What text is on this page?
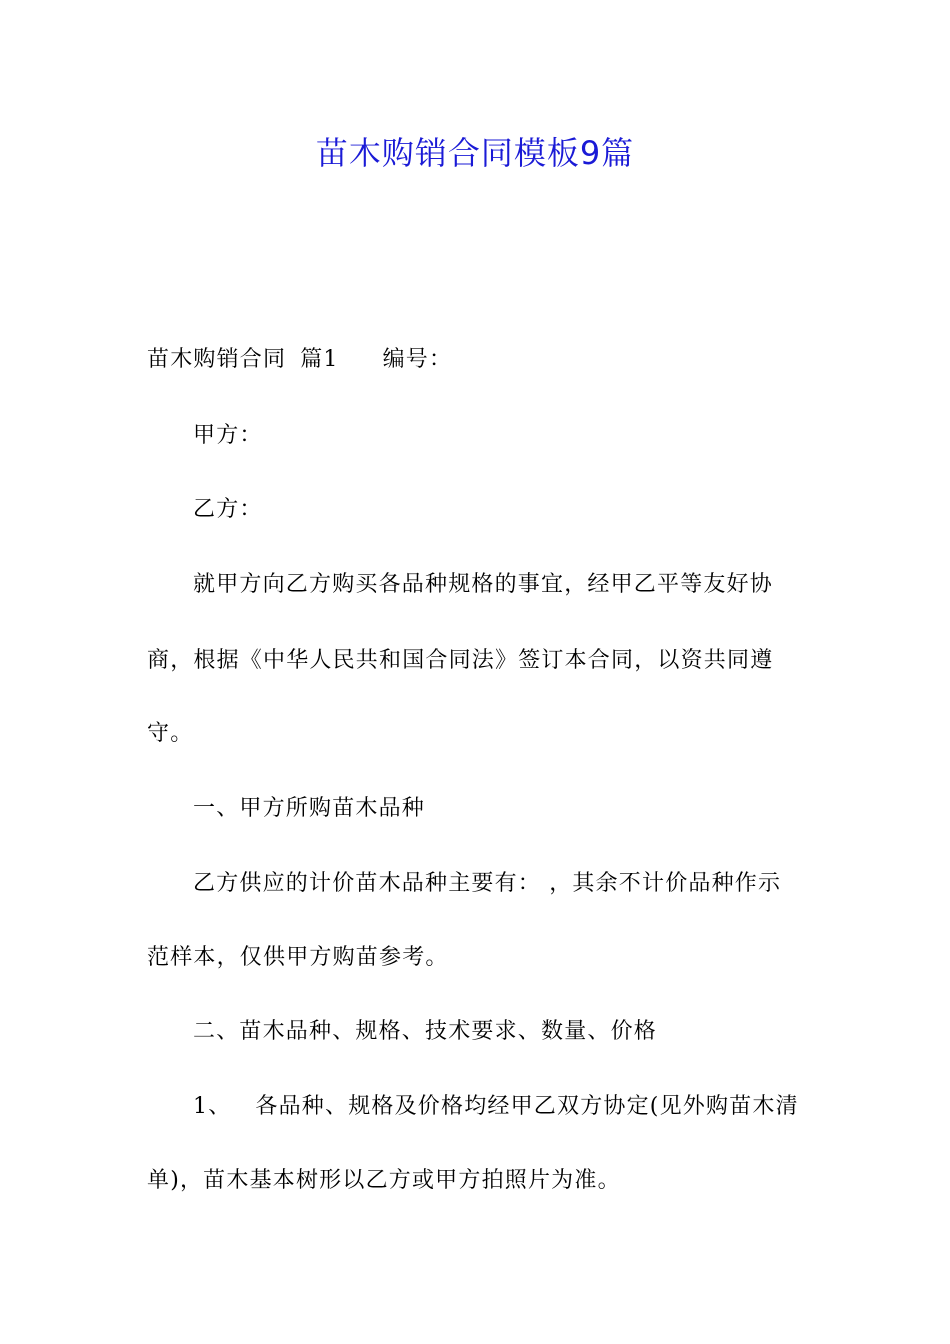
苗木购销合同模板9篇
苗木购销合同 篇1 编号：
甲方：
乙方：
就甲方向乙方购买各品种规格的事宜，经甲乙平等友好协
商，根据《中华人民共和国合同法》签订本合同，以资共同遵
守。
一、甲方所购苗木品种
乙方供应的计价苗木品种主要有： ，其余不计价品种作示
范样本，仅供甲方购苗参考。
二、苗木品种、规格、技术要求、数量、价格
1、 各品种、规格及价格均经甲乙双方协定(见外购苗木清
单)，苗木基本树形以乙方或甲方拍照片为准。
